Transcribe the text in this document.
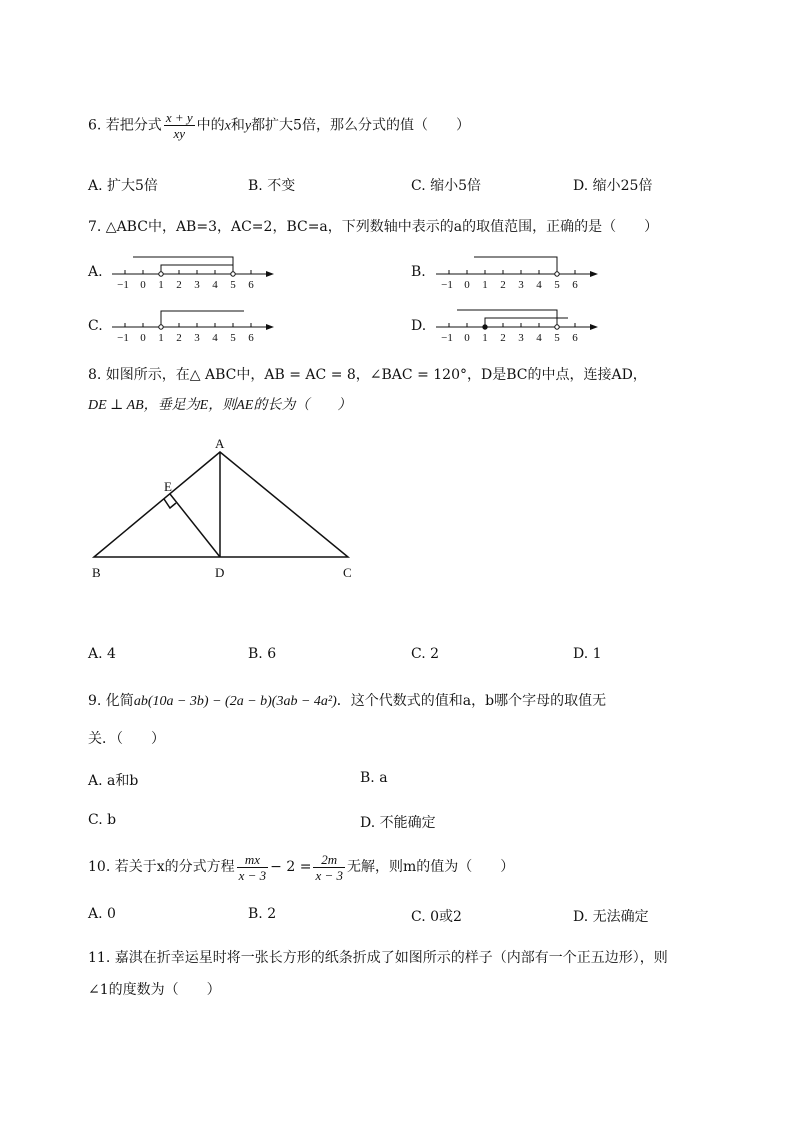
6. 若把分式 $\frac{x + y}{xy}$ 中的x和y都扩大5倍，那么分式的值（　　）
A. 扩大5倍	B. 不变	C. 缩小5倍	D. 缩小25倍
7. △ABC中，AB=3，AC=2，BC=a，下列数轴中表示的a的取值范围，正确的是（　　）
A.	B.
C.	D.
−1 0 1 2 3 4 5 6	−1 0 1 2 3 4 5 6
−1 0 1 2 3 4 5 6	−1 0 1 2 3 4 5 6
8. 如图所示，在△ ABC中，AB = AC = 8，∠BAC = 120°，D是BC的中点，连接AD，
DE ⊥ AB，垂足为E，则AE的长为（　　）
A
B	C
D
E
A. 4	B. 6	C. 2	D. 1
9. 化简ab(10a − 3b) − (2a − b)(3ab − 4a²)．这个代数式的值和a，b哪个字母的取值无
关．（　　）
A. a和b	B. a
C. b	D. 不能确定
10. 若关于x的分式方程 $\frac{mx}{x - 3} - 2 = \frac{2m}{x - 3}$ 无解，则m的值为（　　）
A. 0	B. 2	C. 0或2	D. 无法确定
11. 嘉淇在折幸运星时将一张长方形的纸条折成了如图所示的样子（内部有一个正五边形），则
∠1的度数为（　　）
